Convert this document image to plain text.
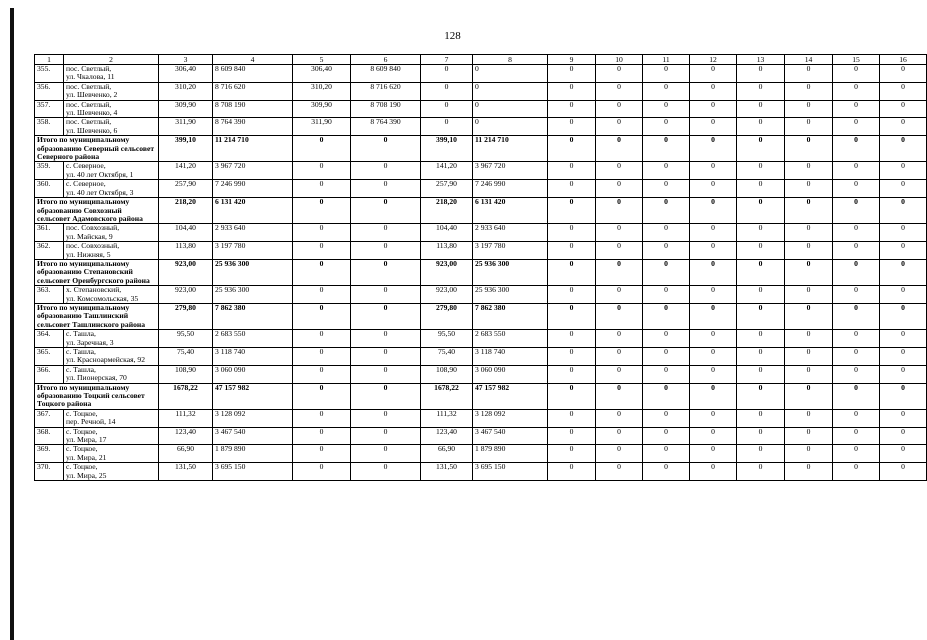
128
1	2	3	4	5	6	7	8	9	10	11	12	13	14	15	16
355.	пос. Светлый,
ул. Чкалова, 11	306,40	8 609 840	306,40	8 609 840	0	0	0	0	0	0	0	0	0	0
356.	пос. Светлый,
ул. Шевченко, 2	310,20	8 716 620	310,20	8 716 620	0	0	0	0	0	0	0	0	0	0
357.	пос. Светлый,
ул. Шевченко, 4	309,90	8 708 190	309,90	8 708 190	0	0	0	0	0	0	0	0	0	0
358.	пос. Светлый,
ул. Шевченко, 6	311,90	8 764 390	311,90	8 764 390	0	0	0	0	0	0	0	0	0	0
Итого по муниципальному образованию Северный сельсовет Северного района		399,10	11 214 710	0	0	399,10	11 214 710	0	0	0	0	0	0	0	0
359.	с. Северное,
ул. 40 лет Октября, 1	141,20	3 967 720	0	0	141,20	3 967 720	0	0	0	0	0	0	0	0
360.	с. Северное,
ул. 40 лет Октября, 3	257,90	7 246 990	0	0	257,90	7 246 990	0	0	0	0	0	0	0	0
Итого по муниципальному образованию Совхозный сельсовет Адамовского района		218,20	6 131 420	0	0	218,20	6 131 420	0	0	0	0	0	0	0	0
361.	пос. Совхозный,
ул. Майская, 9	104,40	2 933 640	0	0	104,40	2 933 640	0	0	0	0	0	0	0	0
362.	пос. Совхозный,
ул. Нижняя, 5	113,80	3 197 780	0	0	113,80	3 197 780	0	0	0	0	0	0	0	0
Итого по муниципальному образованию Степановский сельсовет Оренбургского района		923,00	25 936 300	0	0	923,00	25 936 300	0	0	0	0	0	0	0	0
363.	х. Степановский,
ул. Комсомольская, 35	923,00	25 936 300	0	0	923,00	25 936 300	0	0	0	0	0	0	0	0
Итого по муниципальному образованию Ташлинский сельсовет Ташлинского района		279,80	7 862 380	0	0	279,80	7 862 380	0	0	0	0	0	0	0	0
364.	с. Ташла,
ул. Заречная, 3	95,50	2 683 550	0	0	95,50	2 683 550	0	0	0	0	0	0	0	0
365.	с. Ташла,
ул. Красноармейская, 92	75,40	3 118 740	0	0	75,40	3 118 740	0	0	0	0	0	0	0	0
366.	с. Ташла,
ул. Пионерская, 70	108,90	3 060 090	0	0	108,90	3 060 090	0	0	0	0	0	0	0	0
Итого по муниципальному образованию Тоцкий сельсовет Тоцкого района		1678,22	47 157 982	0	0	1678,22	47 157 982	0	0	0	0	0	0	0	0
367.	с. Тоцкое,
пер. Речной, 14	111,32	3 128 092	0	0	111,32	3 128 092	0	0	0	0	0	0	0	0
368.	с. Тоцкое,
ул. Мира, 17	123,40	3 467 540	0	0	123,40	3 467 540	0	0	0	0	0	0	0	0
369.	с. Тоцкое,
ул. Мира, 21	66,90	1 879 890	0	0	66,90	1 879 890	0	0	0	0	0	0	0	0
370.	с. Тоцкое,
ул. Мира, 25	131,50	3 695 150	0	0	131,50	3 695 150	0	0	0	0	0	0	0	0
